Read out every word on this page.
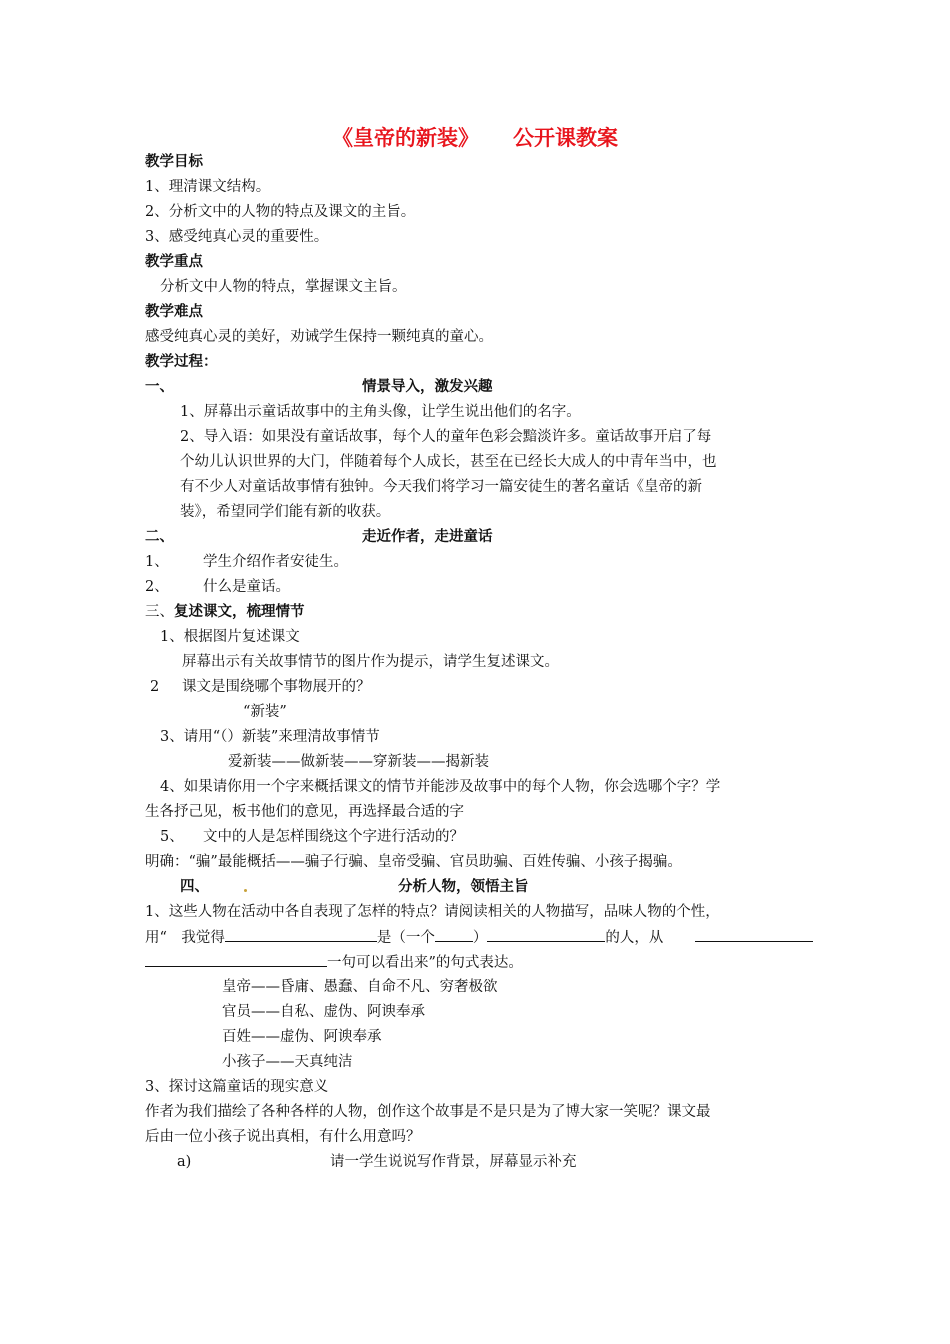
《皇帝的新装》 公开课教案
教学目标
1、理清课文结构。
2、分析文中的人物的特点及课文的主旨。
3、感受纯真心灵的重要性。
教学重点
分析文中人物的特点，掌握课文主旨。
教学难点
感受纯真心灵的美好，劝诫学生保持一颗纯真的童心。
教学过程：
一、	情景导入，激发兴趣
1、屏幕出示童话故事中的主角头像，让学生说出他们的名字。
2、导入语：如果没有童话故事，每个人的童年色彩会黯淡许多。童话故事开启了每
个幼儿认识世界的大门，伴随着每个人成长，甚至在已经长大成人的中青年当中，也
有不少人对童话故事情有独钟。今天我们将学习一篇安徒生的著名童话《皇帝的新
装》，希望同学们能有新的收获。
二、	走近作者，走进童话
1、 学生介绍作者安徒生。
2、 什么是童话。
三、复述课文，梳理情节
1、根据图片复述课文
屏幕出示有关故事情节的图片作为提示，请学生复述课文。
2 课文是围绕哪个事物展开的？
“新装”
3、请用“（）新装”来理清故事情节
爱新装——做新装——穿新装——揭新装
4、如果请你用一个字来概括课文的情节并能涉及故事中的每个人物，你会选哪个字？学
生各抒己见，板书他们的意见，再选择最合适的字
5、 文中的人是怎样围绕这个字进行活动的？
明确：“骗”最能概括——骗子行骗、皇帝受骗、官员助骗、百姓传骗、小孩子揭骗。
四、	分析人物，领悟主旨
1、这些人物在活动中各自表现了怎样的特点？请阅读相关的人物描写，品味人物的个性，
用“　我觉得	是（一个	）	的人，从
一句可以看出来”的句式表达。
皇帝——昏庸、愚蠢、自命不凡、穷奢极欲
官员——自私、虚伪、阿谀奉承
百姓——虚伪、阿谀奉承
小孩子——天真纯洁
3、探讨这篇童话的现实意义
作者为我们描绘了各种各样的人物，创作这个故事是不是只是为了博大家一笑呢？课文最
后由一位小孩子说出真相，有什么用意吗？
a)	请一学生说说写作背景，屏幕显示补充
